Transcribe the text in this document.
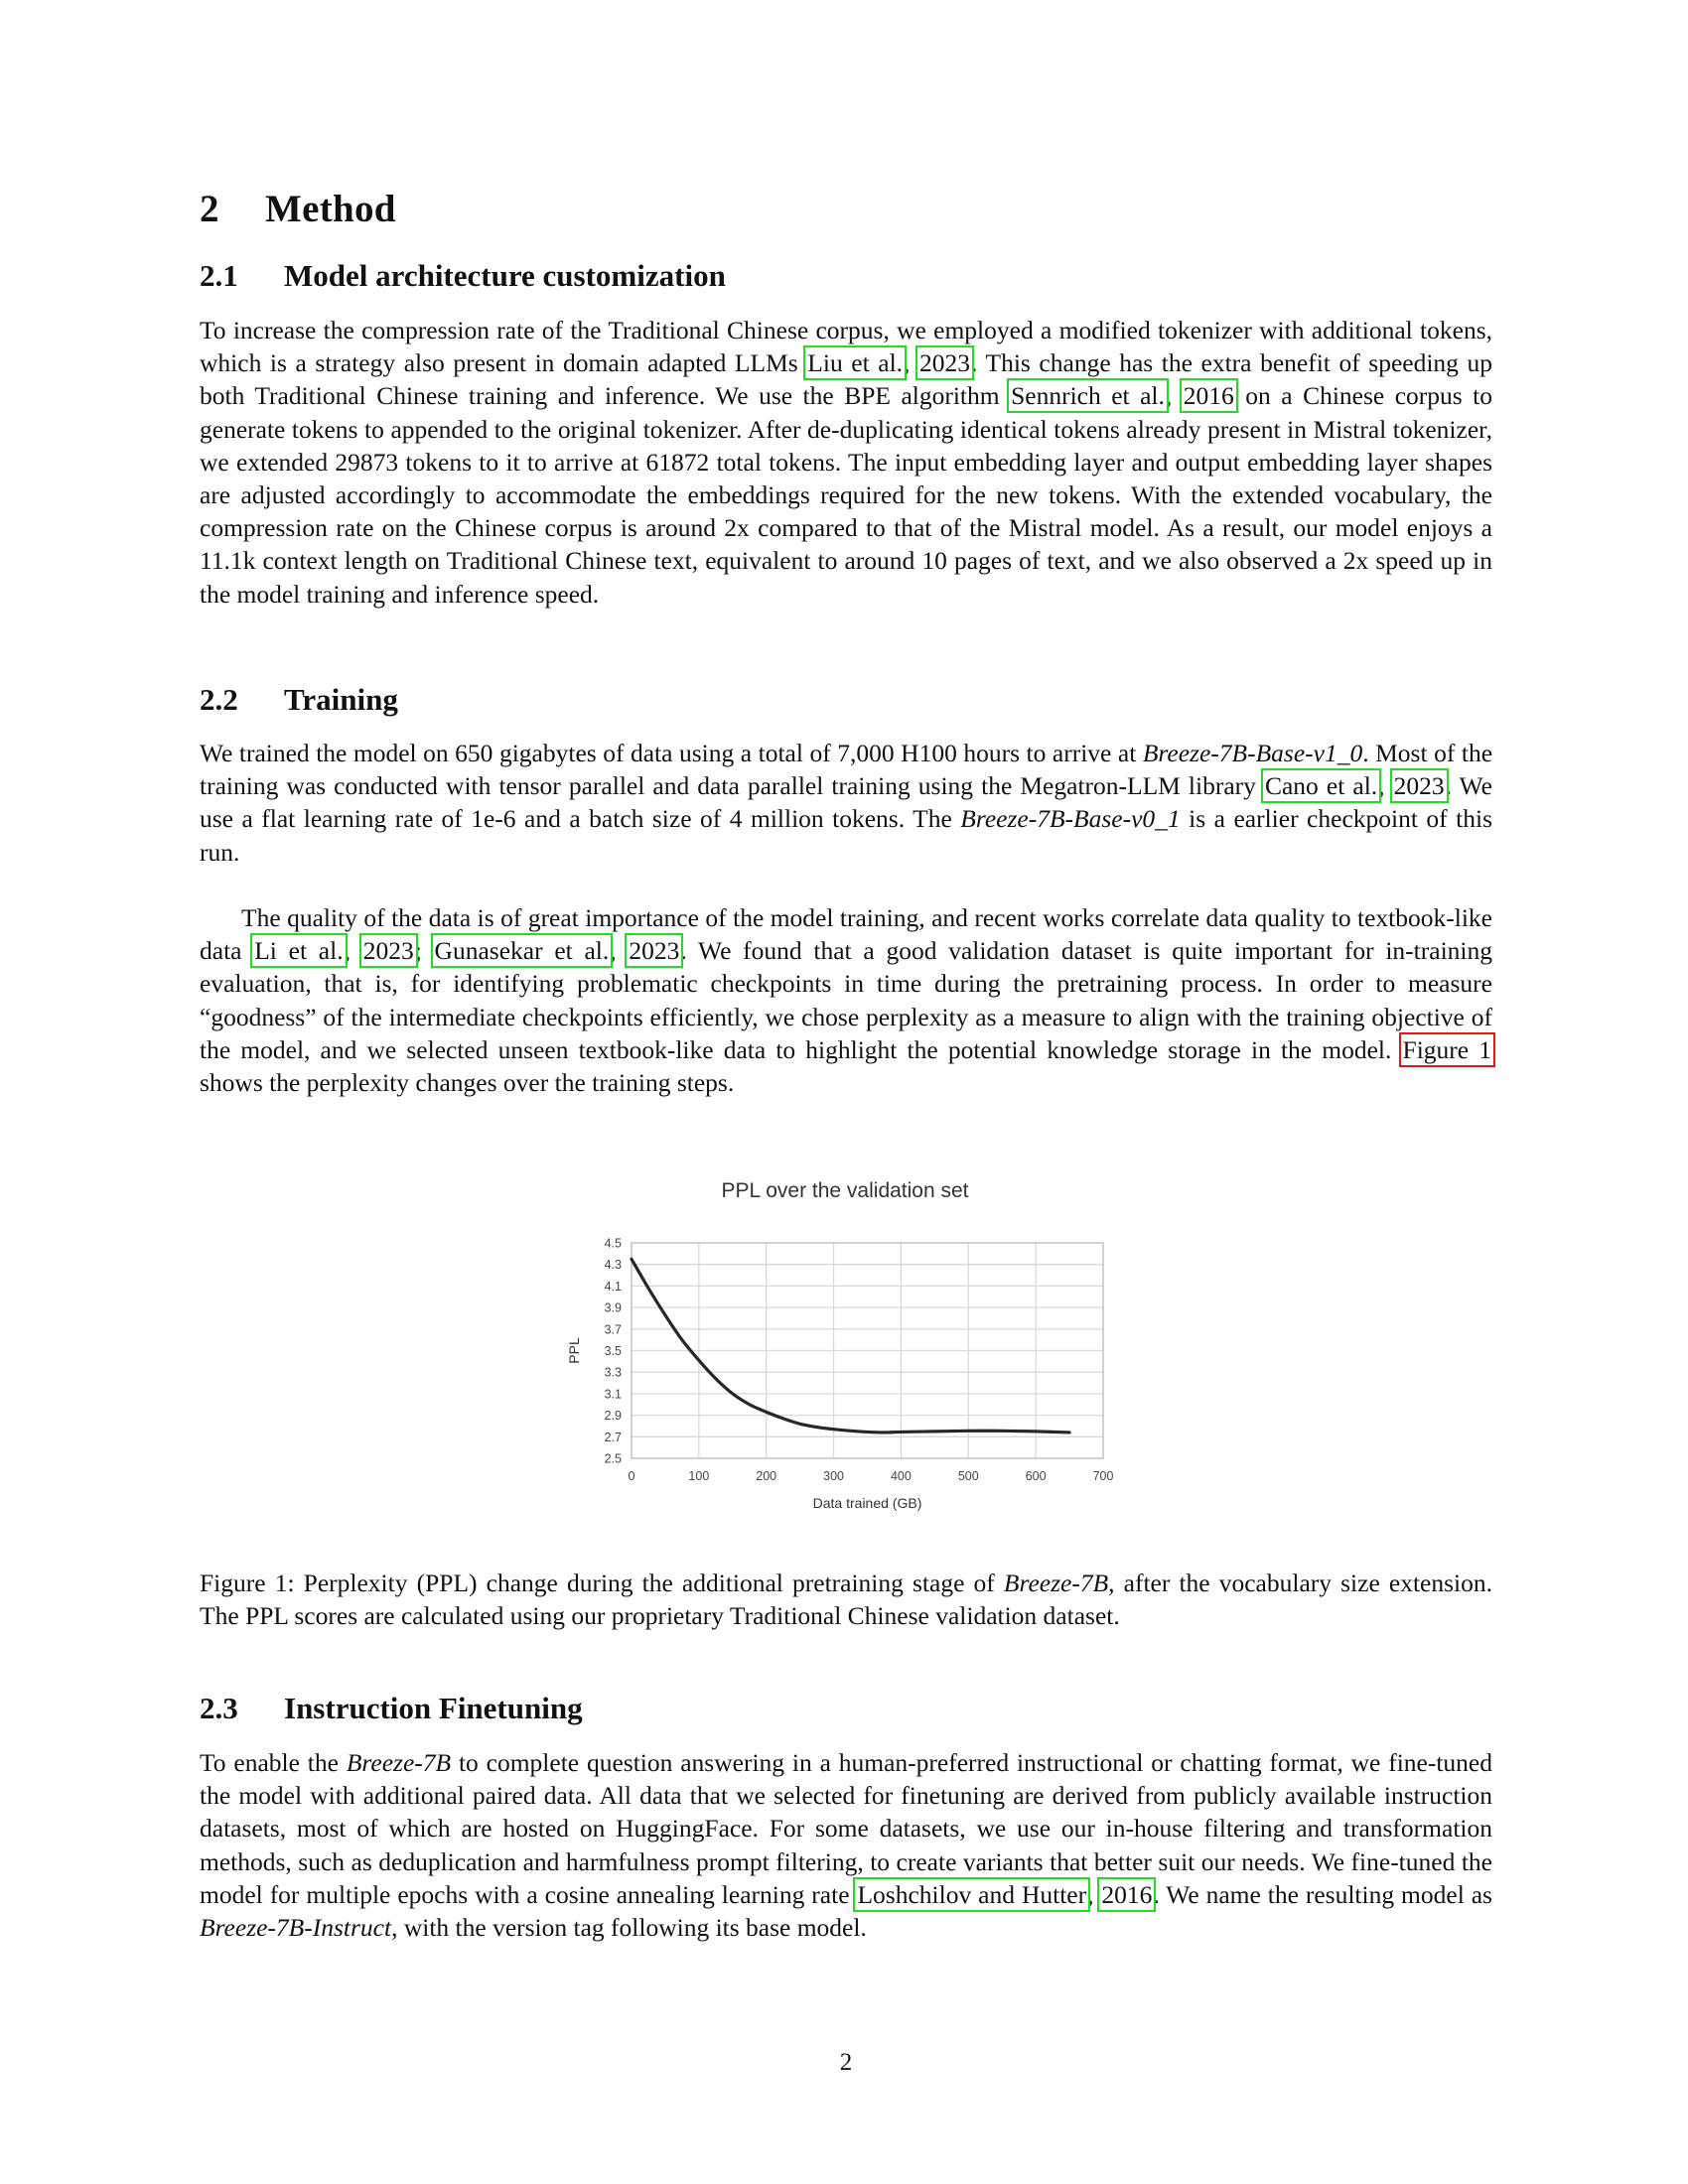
2 Method
2.1 Model architecture customization

To increase the compression rate of the Traditional Chinese corpus, we employed a modified tokenizer with additional tokens, which is a strategy also present in domain adapted LLMs Liu et al., 2023. This change has the extra benefit of speeding up both Traditional Chinese training and inference. We use the BPE algorithm Sennrich et al., 2016 on a Chinese corpus to generate tokens to appended to the original tokenizer. After de-duplicating identical tokens already present in Mistral tokenizer, we extended 29873 tokens to it to arrive at 61872 total tokens. The input embedding layer and output embedding layer shapes are adjusted accordingly to accommodate the embeddings required for the new tokens. With the extended vocabulary, the compression rate on the Chinese corpus is around 2x compared to that of the Mistral model. As a result, our model enjoys a 11.1k context length on Traditional Chinese text, equivalent to around 10 pages of text, and we also observed a 2x speed up in the model training and inference speed.

2.2 Training

We trained the model on 650 gigabytes of data using a total of 7,000 H100 hours to arrive at Breeze-7B-Base-v1_0. Most of the training was conducted with tensor parallel and data parallel training using the Megatron-LLM library Cano et al., 2023. We use a flat learning rate of 1e-6 and a batch size of 4 million tokens. The Breeze-7B-Base-v0_1 is a earlier checkpoint of this run.

The quality of the data is of great importance of the model training, and recent works correlate data quality to textbook-like data Li et al., 2023; Gunasekar et al., 2023. We found that a good validation dataset is quite important for in-training evaluation, that is, for identifying problematic checkpoints in time during the pretraining process. In order to measure “goodness” of the intermediate checkpoints efficiently, we chose perplexity as a measure to align with the training objective of the model, and we selected unseen textbook-like data to highlight the potential knowledge storage in the model. Figure 1 shows the perplexity changes over the training steps.

PPL over the validation set
2.5
2.7
2.9
3.1
3.3
3.5
3.7
3.9
4.1
4.3
4.5
0	100	200	300	400	500	600	700
Data trained (GB)
PPL

Figure 1: Perplexity (PPL) change during the additional pretraining stage of Breeze-7B, after the vocabulary size extension. The PPL scores are calculated using our proprietary Traditional Chinese validation dataset.

2.3 Instruction Finetuning

To enable the Breeze-7B to complete question answering in a human-preferred instructional or chatting format, we fine-tuned the model with additional paired data. All data that we selected for finetuning are derived from publicly available instruction datasets, most of which are hosted on HuggingFace. For some datasets, we use our in-house filtering and transformation methods, such as deduplication and harmfulness prompt filtering, to create variants that better suit our needs. We fine-tuned the model for multiple epochs with a cosine annealing learning rate Loshchilov and Hutter, 2016. We name the resulting model as Breeze-7B-Instruct, with the version tag following its base model.

2
